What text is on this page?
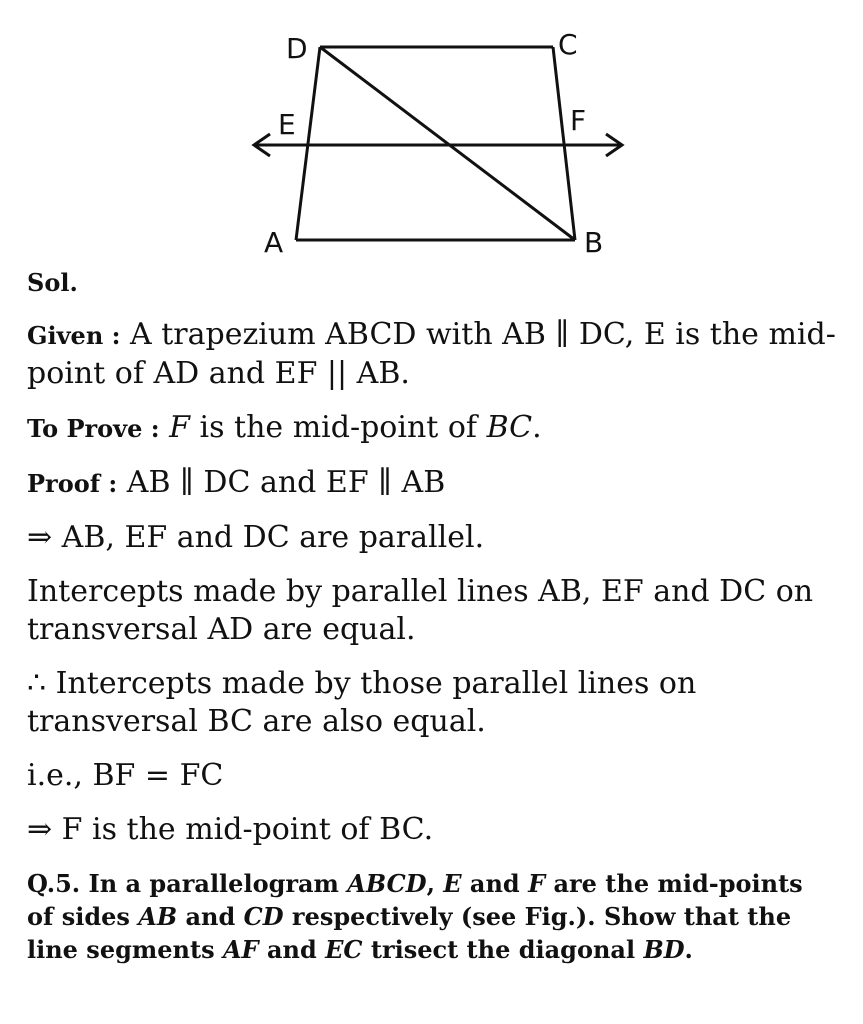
D	C
E	F
A	B
Sol.

Given : A trapezium ABCD with AB ∥ DC, E is the mid-

point of AD and EF || AB.

To Prove : F is the mid-point of BC.

Proof : AB ∥ DC and EF ∥ AB

⇒ AB, EF and DC are parallel.

Intercepts made by parallel lines AB, EF and DC on

transversal AD are equal.

∴ Intercepts made by those parallel lines on

transversal BC are also equal.

i.e., BF = FC

⇒ F is the mid-point of BC.

Q.5. In a parallelogram ABCD, E and F are the mid-points
of sides AB and CD respectively (see Fig.). Show that the
line segments AF and EC trisect the diagonal BD.
